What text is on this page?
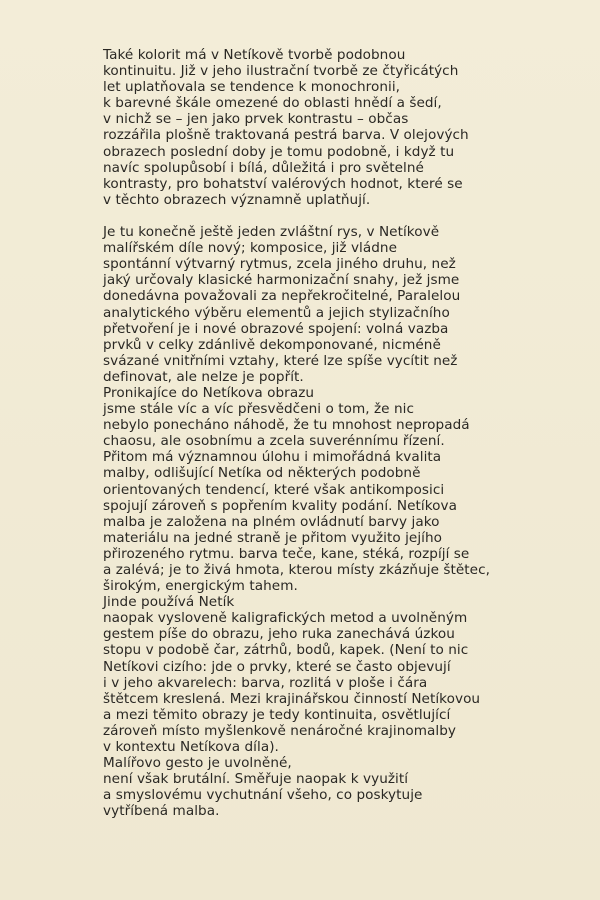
Také kolorit má v Netíkově tvorbě podobnou
kontinuitu. Již v jeho ilustrační tvorbě ze čtyřicátých
let uplatňovala se tendence k monochronii,
k barevné škále omezené do oblasti hnědí a šedí,
v nichž se – jen jako prvek kontrastu – občas
rozzářila plošně traktovaná pestrá barva. V olejových
obrazech poslední doby je tomu podobně, i když tu
navíc spolupůsobí i bílá, důležitá i pro světelné
kontrasty, pro bohatství valérových hodnot, které se
v těchto obrazech významně uplatňují.
Je tu konečně ještě jeden zvláštní rys, v Netíkově
malířském díle nový; komposice, již vládne
spontánní výtvarný rytmus, zcela jiného druhu, než
jaký určovaly klasické harmonizační snahy, jež jsme
donedávna považovali za nepřekročitelné, Paralelou
analytického výběru elementů a jejich stylizačního
přetvoření je i nové obrazové spojení: volná vazba
prvků v celky zdánlivě dekomponované, nicméně
svázané vnitřními vztahy, které lze spíše vycítit než
definovat, ale nelze je popřít.
Pronikajíce do Netíkova obrazu
jsme stále víc a víc přesvědčeni o tom, že nic
nebylo ponecháno náhodě, že tu mnohost nepropadá
chaosu, ale osobnímu a zcela suverénnímu řízení.
Přitom má významnou úlohu i mimořádná kvalita
malby, odlišující Netíka od některých podobně
orientovaných tendencí, které však antikomposici
spojují zároveň s popřením kvality podání. Netíkova
malba je založena na plném ovládnutí barvy jako
materiálu na jedné straně je přitom využito jejího
přirozeného rytmu. barva teče, kane, stéká, rozpíjí se
a zalévá; je to živá hmota, kterou místy zkázňuje štětec,
širokým, energickým tahem.
Jinde používá Netík
naopak vysloveně kaligrafických metod a uvolněným
gestem píše do obrazu, jeho ruka zanechává úzkou
stopu v podobě čar, zátrhů, bodů, kapek. (Není to nic
Netíkovi cizího: jde o prvky, které se často objevují
i v jeho akvarelech: barva, rozlitá v ploše i čára
štětcem kreslená. Mezi krajinářskou činností Netíkovou
a mezi těmito obrazy je tedy kontinuita, osvětlující
zároveň místo myšlenkově nenáročné krajinomalby
v kontextu Netíkova díla).
Malířovo gesto je uvolněné,
není však brutální. Směřuje naopak k využití
a smyslovému vychutnání všeho, co poskytuje
vytříbená malba.
